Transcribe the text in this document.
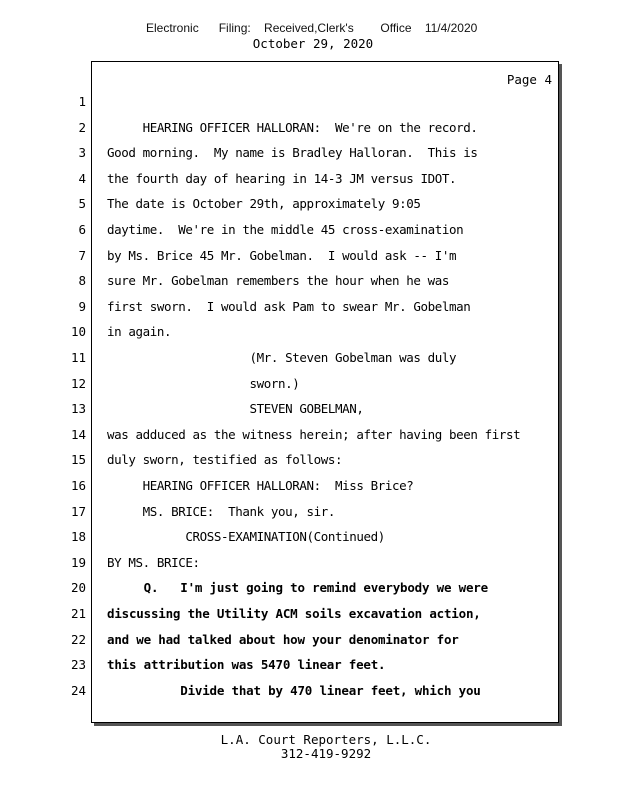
Electronic      Filing:    Received,Clerk's        Office    11/4/2020
October 29, 2020
Page 4
1
2 HEARING OFFICER HALLORAN:  We're on the record.
3 Good morning.  My name is Bradley Halloran.  This is
4 the fourth day of hearing in 14-3 JM versus IDOT.
5 The date is October 29th, approximately 9:05
6 daytime.  We're in the middle 45 cross-examination
7 by Ms. Brice 45 Mr. Gobelman.  I would ask -- I'm
8 sure Mr. Gobelman remembers the hour when he was
9 first sworn.  I would ask Pam to swear Mr. Gobelman
10 in again.
11 (Mr. Steven Gobelman was duly
12 sworn.)
13 STEVEN GOBELMAN,
14 was adduced as the witness herein; after having been first
15 duly sworn, testified as follows:
16 HEARING OFFICER HALLORAN:  Miss Brice?
17 MS. BRICE:  Thank you, sir.
18 CROSS-EXAMINATION(Continued)
19 BY MS. BRICE:
20 Q.   I'm just going to remind everybody we were
21 discussing the Utility ACM soils excavation action,
22 and we had talked about how your denominator for
23 this attribution was 5470 linear feet.
24 Divide that by 470 linear feet, which you
L.A. Court Reporters, L.L.C.
312-419-9292
